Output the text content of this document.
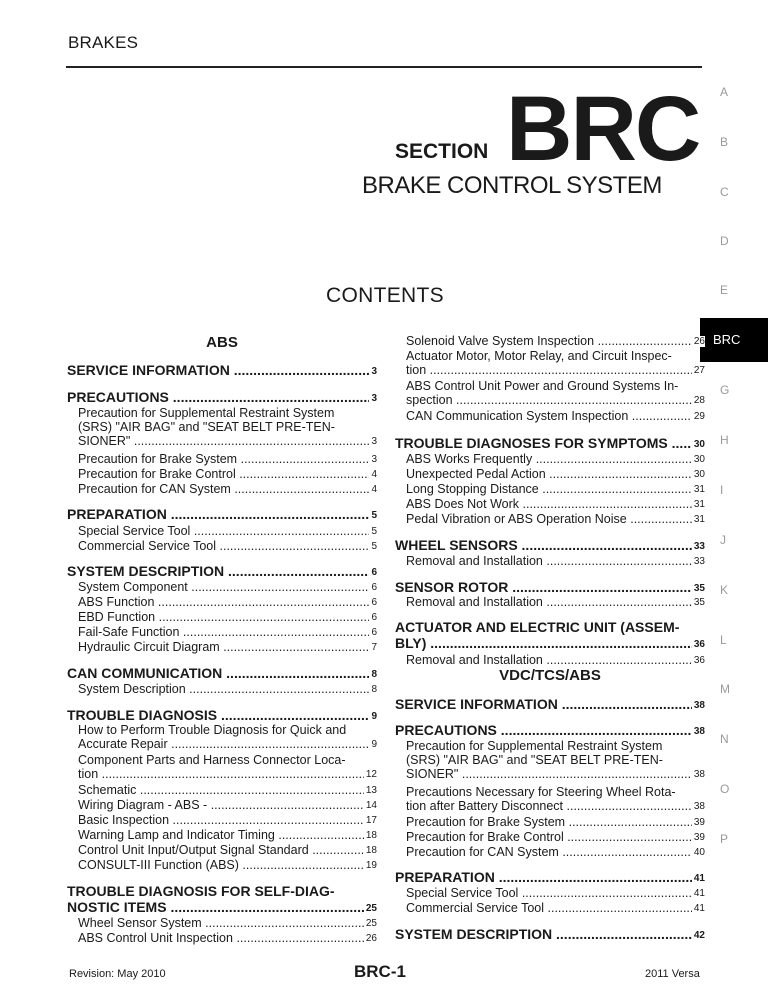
BRAKES
A
B
C
D
E
BRC
G
H
I
J
K
L
M
N
O
P
SECTION BRC
BRAKE CONTROL SYSTEM
CONTENTS
ABS
SERVICE INFORMATION	3
.....
PRECAUTIONS	3
.....
Precaution for Supplemental Restraint System
(SRS) "AIR BAG" and "SEAT BELT PRE-TEN-
SIONER"	3
.....
Precaution for Brake System	3
.....
Precaution for Brake Control	4
.....
Precaution for CAN System	4
.....
PREPARATION	5
.....
Special Service Tool	5
.....
Commercial Service Tool	5
.....
SYSTEM DESCRIPTION	6
.....
System Component	6
.....
ABS Function	6
.....
EBD Function	6
.....
Fail-Safe Function	6
.....
Hydraulic Circuit Diagram	7
.....
CAN COMMUNICATION	8
.....
System Description	8
.....
TROUBLE DIAGNOSIS	9
.....
How to Perform Trouble Diagnosis for Quick and
Accurate Repair	9
.....
Component Parts and Harness Connector Loca-
tion	12
.....
Schematic	13
.....
Wiring Diagram - ABS -	14
.....
Basic Inspection	17
.....
Warning Lamp and Indicator Timing	18
.....
Control Unit Input/Output Signal Standard	18
.....
CONSULT-III Function (ABS)	19
.....
TROUBLE DIAGNOSIS FOR SELF-DIAG-
NOSTIC ITEMS	25
.....
Wheel Sensor System	25
.....
ABS Control Unit Inspection	26
.....
Solenoid Valve System Inspection	26
.....
Actuator Motor, Motor Relay, and Circuit Inspec-
tion	27
.....
ABS Control Unit Power and Ground Systems In-
spection	28
.....
CAN Communication System Inspection	29
.....
TROUBLE DIAGNOSES FOR SYMPTOMS	30
.....
ABS Works Frequently	30
.....
Unexpected Pedal Action	30
.....
Long Stopping Distance	31
.....
ABS Does Not Work	31
.....
Pedal Vibration or ABS Operation Noise	31
.....
WHEEL SENSORS	33
.....
Removal and Installation	33
.....
SENSOR ROTOR	35
.....
Removal and Installation	35
.....
ACTUATOR AND ELECTRIC UNIT (ASSEM-
BLY)	36
.....
Removal and Installation	36
.....
VDC/TCS/ABS
SERVICE INFORMATION	38
.....
PRECAUTIONS	38
.....
Precaution for Supplemental Restraint System
(SRS) "AIR BAG" and "SEAT BELT PRE-TEN-
SIONER"	38
.....
Precautions Necessary for Steering Wheel Rota-
tion after Battery Disconnect	38
.....
Precaution for Brake System	39
.....
Precaution for Brake Control	39
.....
Precaution for CAN System	40
.....
PREPARATION	41
.....
Special Service Tool	41
.....
Commercial Service Tool	41
.....
SYSTEM DESCRIPTION	42
.....
Revision: May 2010	BRC-1	2011 Versa
